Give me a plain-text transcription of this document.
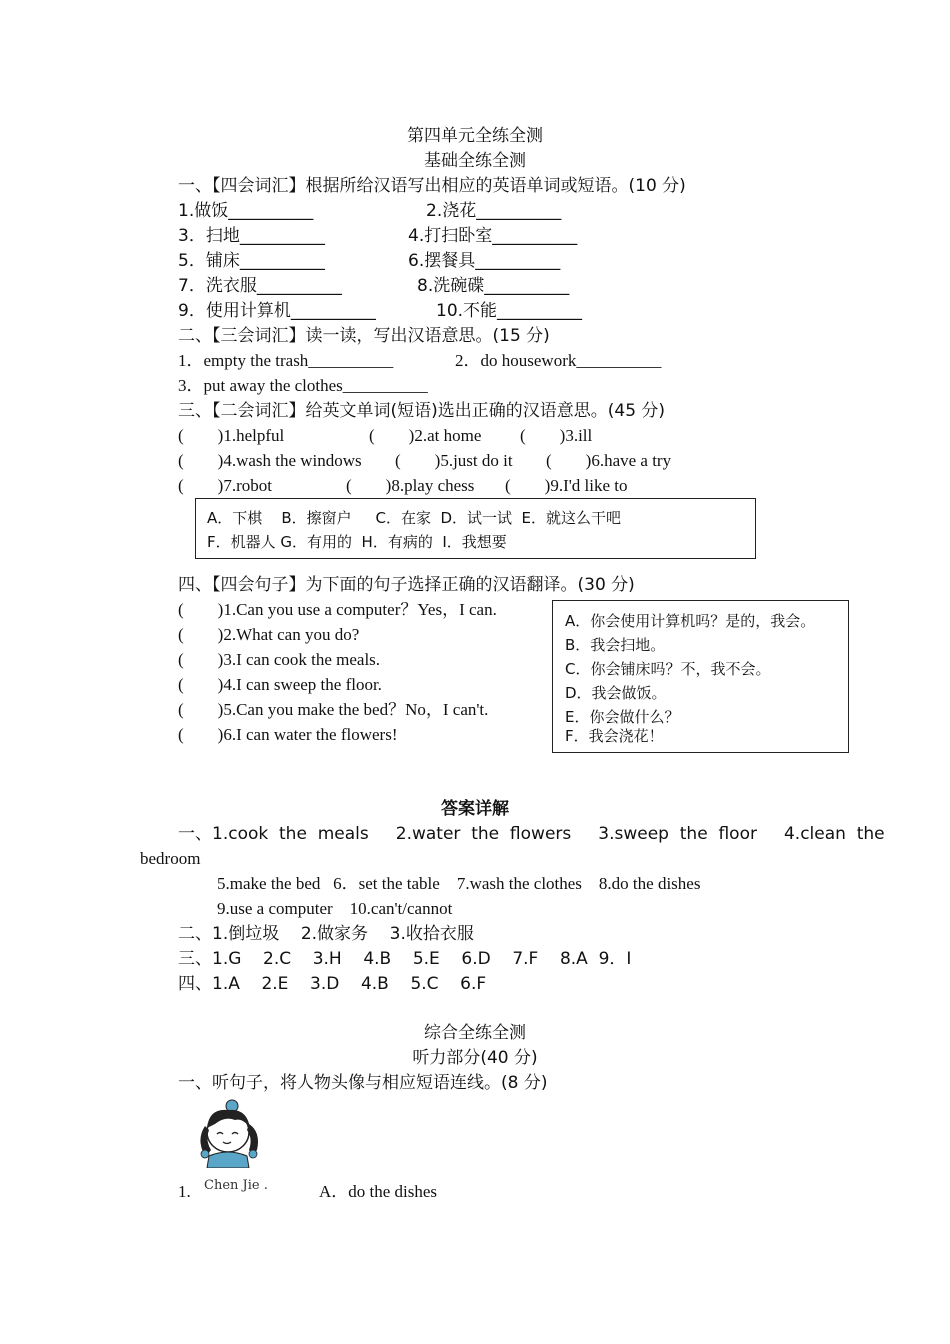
第四单元全练全测
基础全练全测
一、【四会词汇】根据所给汉语写出相应的英语单词或短语。(10 分)
1.做饭__________	2.浇花__________
3．扫地__________	4.打扫卧室__________
5．铺床__________	6.摆餐具__________
7．洗衣服__________	8.洗碗碟__________
9．使用计算机__________	10.不能__________
二、【三会词汇】读一读，写出汉语意思。(15 分)
1．empty the trash__________	2．do housework__________
3．put away the clothes__________
三、【二会词汇】给英文单词(短语)选出正确的汉语意思。(45 分)
(        )1.helpful	(        )2.at home (        )3.ill
(        )4.wash the windows (        )5.just do it (        )6.have a try
(        )7.robot	(        )8.play chess (        )9.I'd like to
A．下棋    B．擦窗户     C．在家  D．试一试  E．就这么干吧
F．机器人 G．有用的  H．有病的  I．我想要
四、【四会句子】为下面的句子选择正确的汉语翻译。(30 分)
(        )1.Can you use a computer？Yes，I can.
(        )2.What can you do?
(        )3.I can cook the meals.
(        )4.I can sweep the floor.
(        )5.Can you make the bed？No，I can't.
(        )6.I can water the flowers!
A．你会使用计算机吗？是的，我会。
B．我会扫地。
C．你会铺床吗？不，我不会。
D．我会做饭。
E．你会做什么？
F．我会浇花！
答案详解
一、1.cook  the  meals     2.water  the  flowers     3.sweep  the  floor     4.clean  the
bedroom
5.make the bed   6．set the table    7.wash the clothes    8.do the dishes
9.use a computer    10.can't/cannot
二、1.倒垃圾    2.做家务    3.收拾衣服
三、1.G    2.C    3.H    4.B    5.E    6.D    7.F    8.A  9．I
四、1.A    2.E    3.D    4.B    5.C    6.F
综合全练全测
听力部分(40 分)
一、听句子，将人物头像与相应短语连线。(8 分)
Chen Jie .
1.	A．do the dishes
